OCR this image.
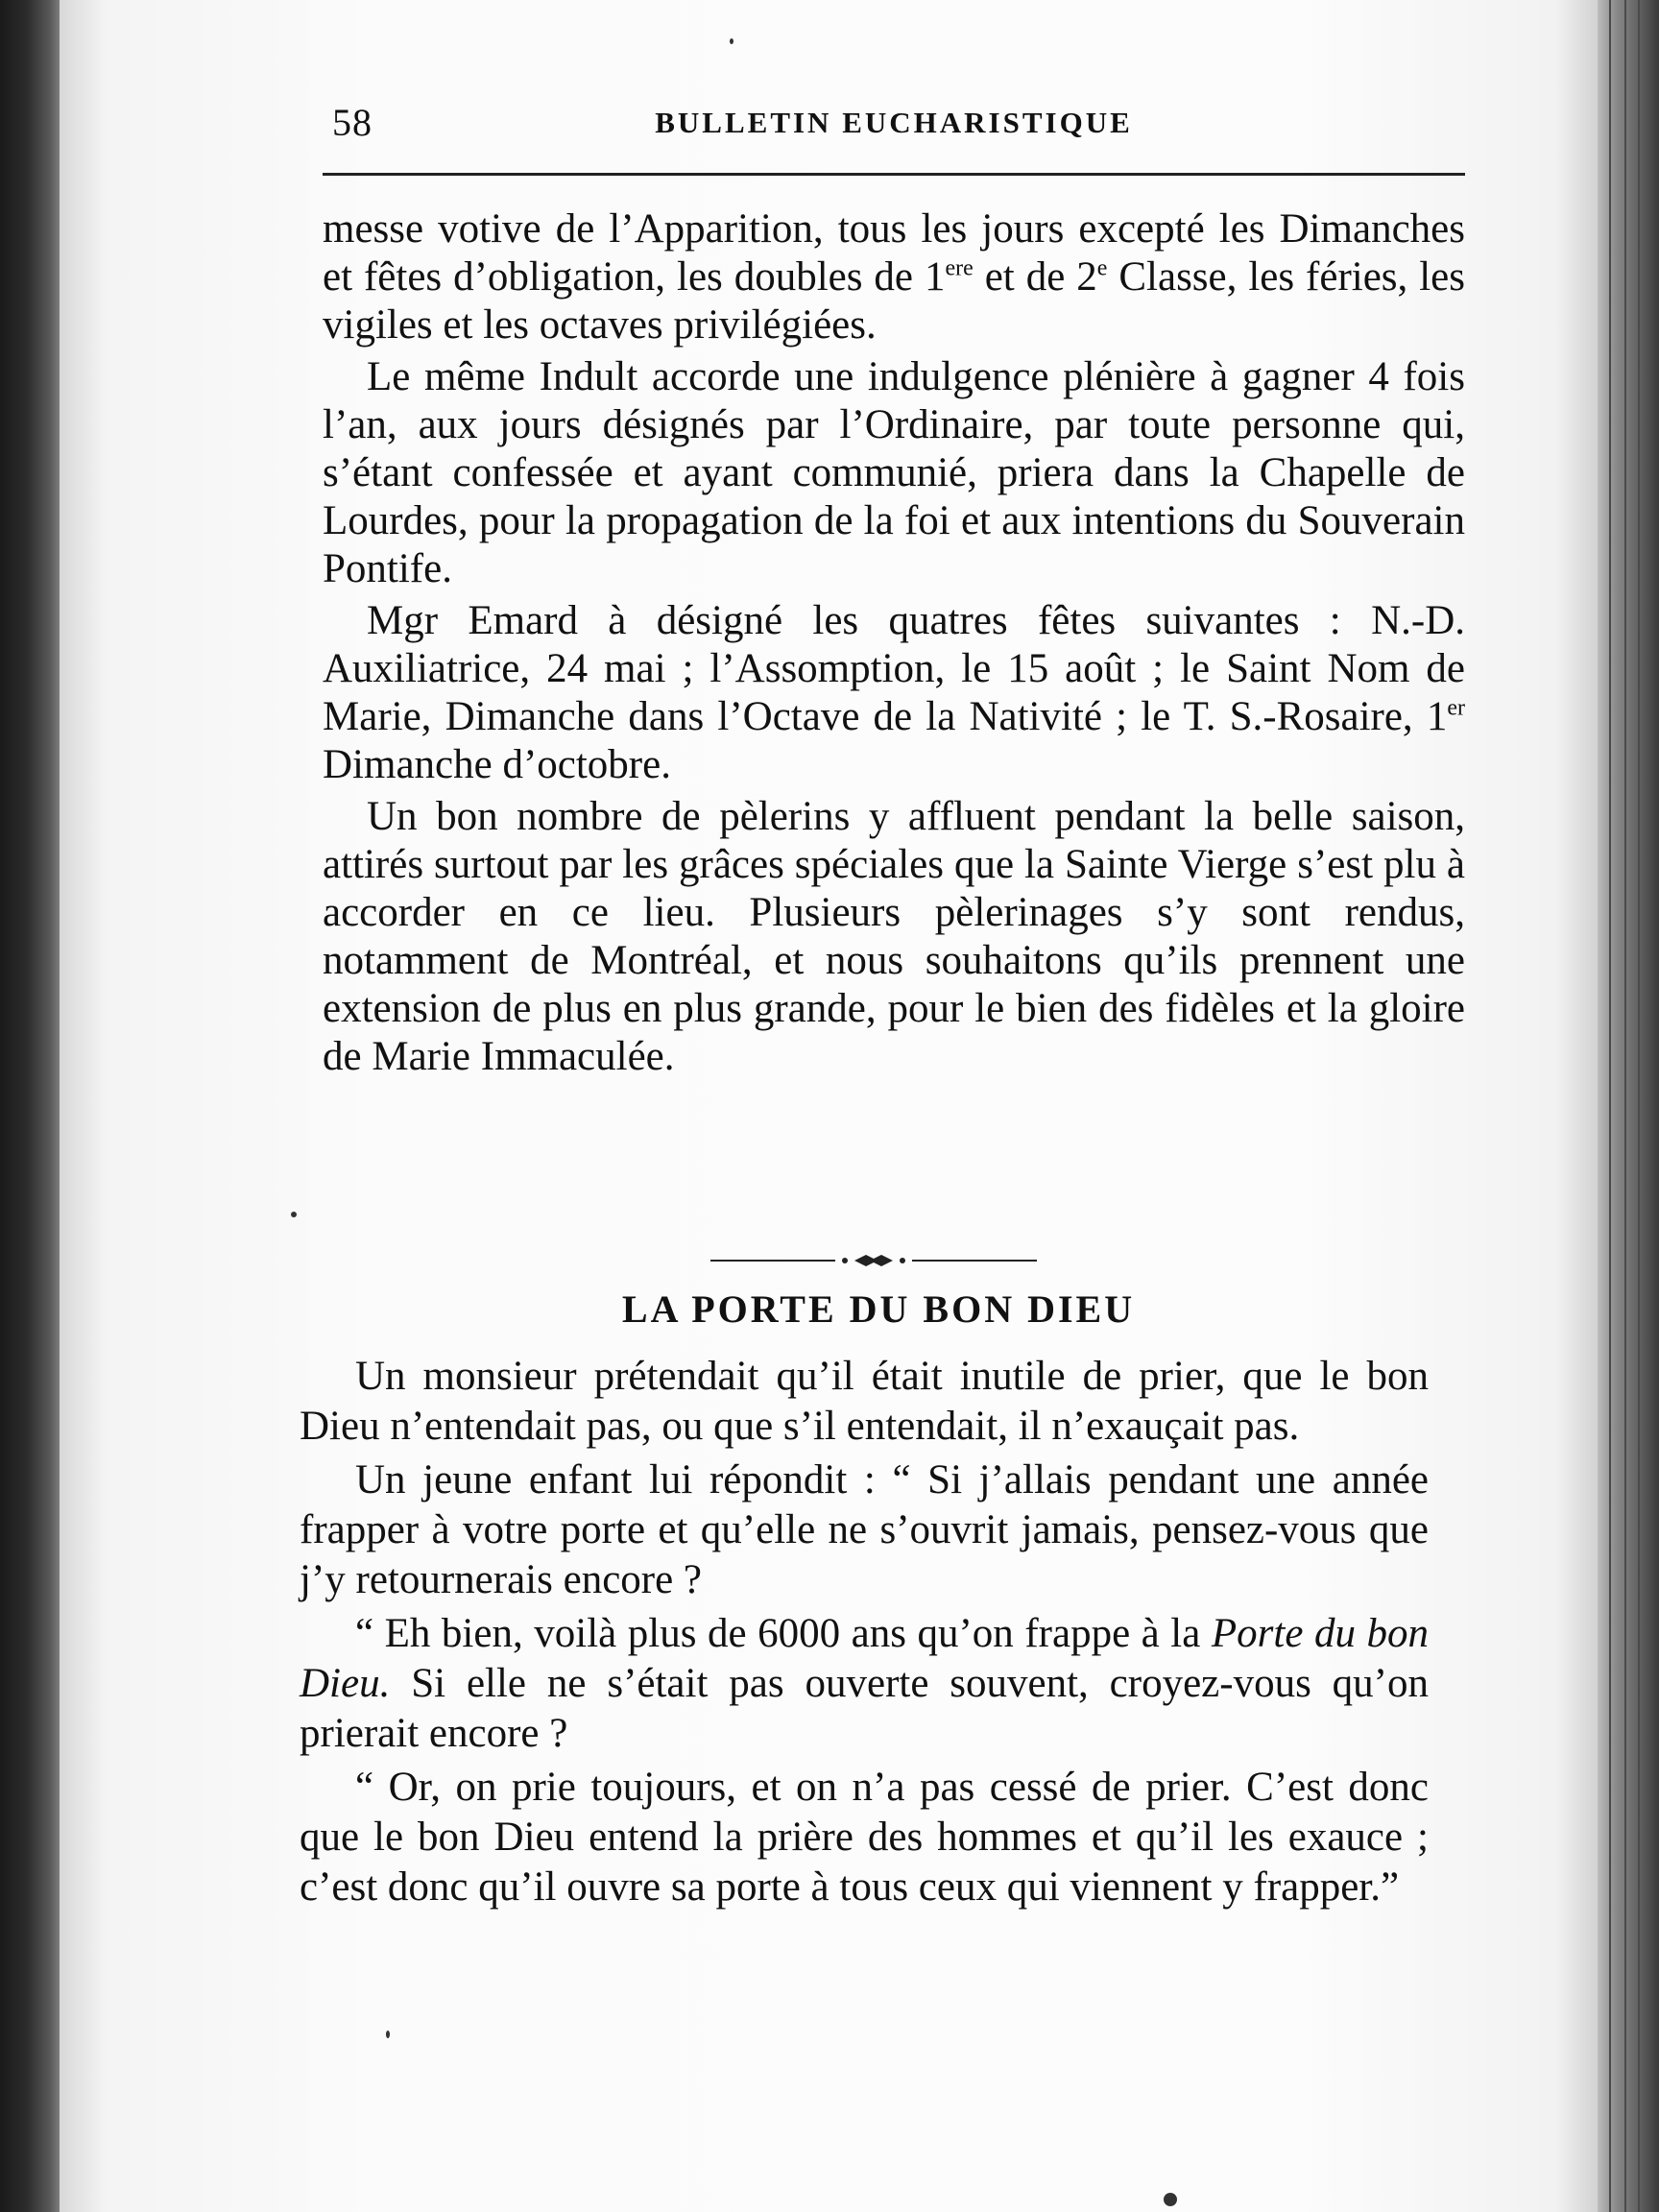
58	BULLETIN EUCHARISTIQUE

messe votive de l’Apparition, tous les jours excepté les Dimanches et fêtes d’obligation, les doubles de 1ere et de 2e Classe, les féries, les vigiles et les octaves privilégiées.

Le même Indult accorde une indulgence plénière à gagner 4 fois l’an, aux jours désignés par l’Ordinaire, par toute personne qui, s’étant confessée et ayant communié, priera dans la Chapelle de Lourdes, pour la propagation de la foi et aux intentions du Souverain Pontife.

Mgr Emard à désigné les quatres fêtes suivantes : N.-D. Auxiliatrice, 24 mai ; l’Assomption, le 15 août ; le Saint Nom de Marie, Dimanche dans l’Octave de la Nativité ; le T. S.-Rosaire, 1er Dimanche d’octobre.

Un bon nombre de pèlerins y affluent pendant la belle saison, attirés surtout par les grâces spéciales que la Sainte Vierge s’est plu à accorder en ce lieu. Plusieurs pèlerinages s’y sont rendus, notamment de Montréal, et nous souhaitons qu’ils prennent une extension de plus en plus grande, pour le bien des fidèles et la gloire de Marie Immaculée.

LA PORTE DU BON DIEU

Un monsieur prétendait qu’il était inutile de prier, que le bon Dieu n’entendait pas, ou que s’il entendait, il n’exauçait pas.

Un jeune enfant lui répondit : “ Si j’allais pendant une année frapper à votre porte et qu’elle ne s’ouvrit jamais, pensez-vous que j’y retournerais encore ?

“ Eh bien, voilà plus de 6000 ans qu’on frappe à la Porte du bon Dieu. Si elle ne s’était pas ouverte souvent, croyez-vous qu’on prierait encore ?

“ Or, on prie toujours, et on n’a pas cessé de prier. C’est donc que le bon Dieu entend la prière des hommes et qu’il les exauce ; c’est donc qu’il ouvre sa porte à tous ceux qui viennent y frapper.”
